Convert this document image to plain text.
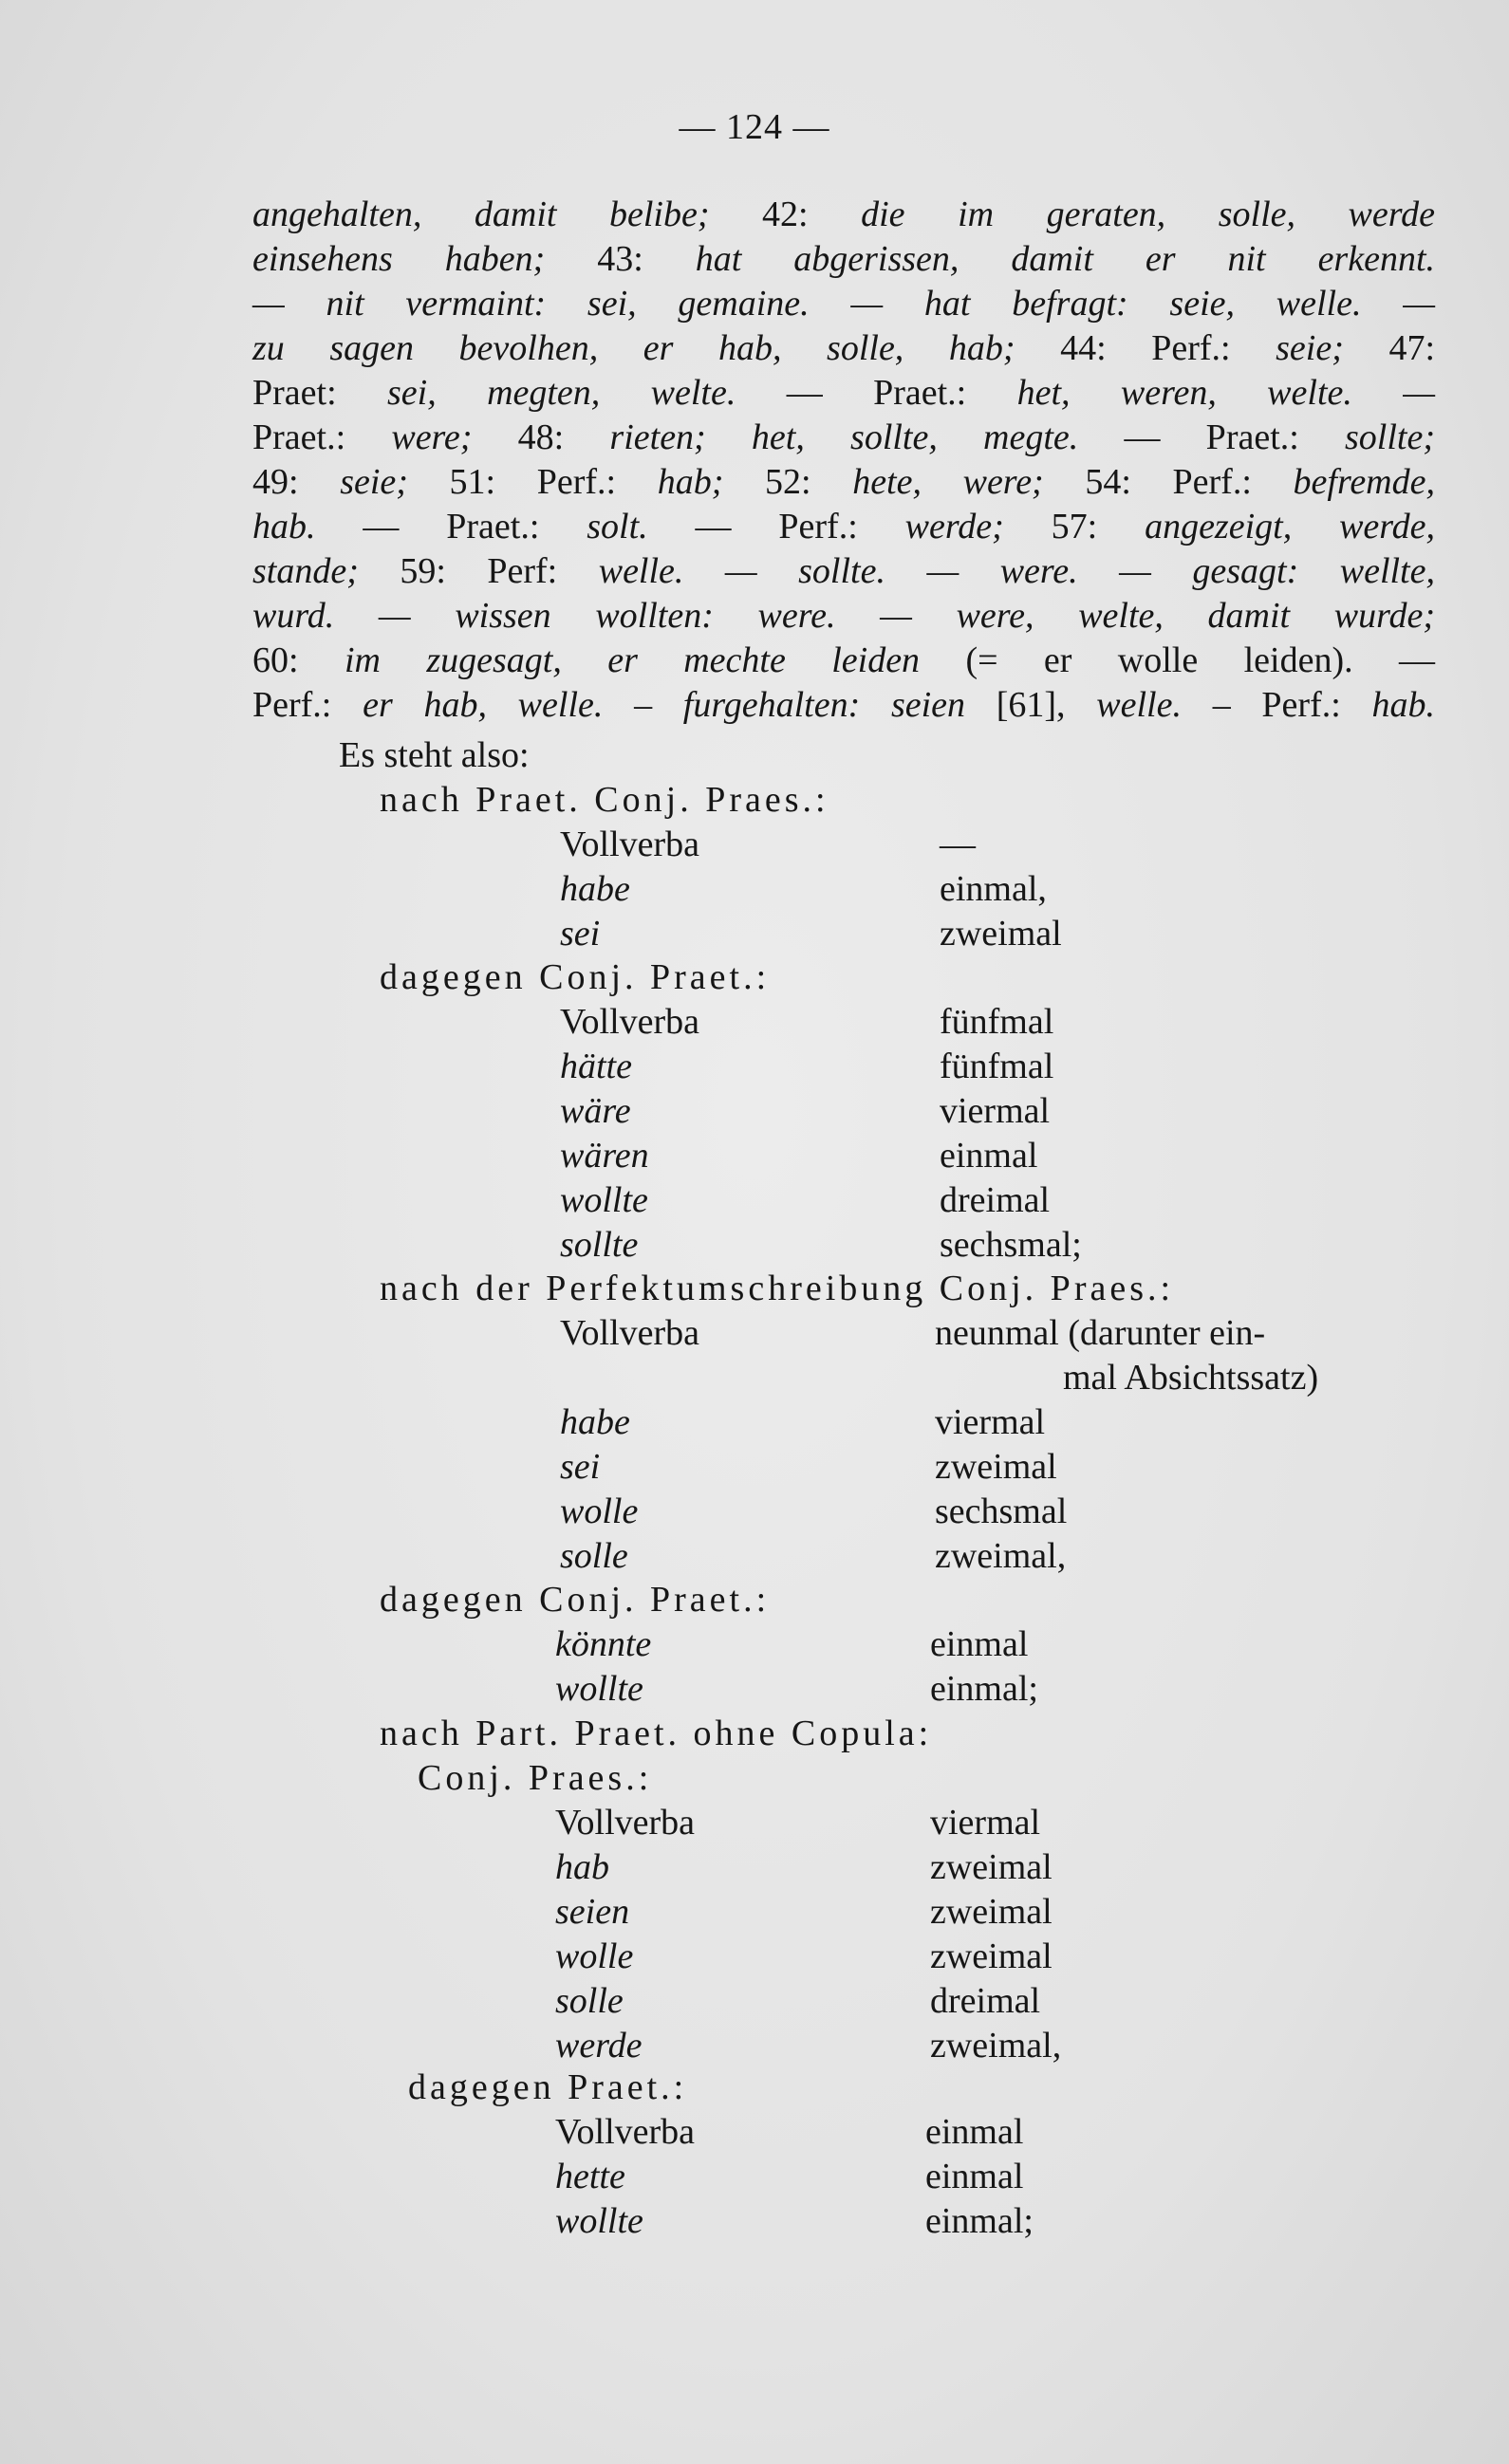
— 124 —
angehalten, damit belibe; 42: die im geraten, solle, werde
einsehens haben; 43: hat abgerissen, damit er nit erkennt.
— nit vermaint: sei, gemaine. — hat befragt: seie, welle. —
zu sagen bevolhen, er hab, solle, hab; 44: Perf.: seie; 47:
Praet: sei, megten, welte. — Praet.: het, weren, welte. —
Praet.: were; 48: rieten; het, sollte, megte. — Praet.: sollte;
49: seie; 51: Perf.: hab; 52: hete, were; 54: Perf.: befremde,
hab. — Praet.: solt. — Perf.: werde; 57: angezeigt, werde,
stande; 59: Perf: welle. — sollte. — were. — gesagt: wellte,
wurd. — wissen wollten: were. — were, welte, damit wurde;
60: im zugesagt, er mechte leiden (= er wolle leiden). —
Perf.: er hab, welle. – furgehalten: seien [61], welle. – Perf.: hab.
Es steht also:
nach Praet. Conj. Praes.:
Vollverba	—
habe	einmal,
sei	zweimal
dagegen Conj. Praet.:
Vollverba	fünfmal
hätte	fünfmal
wäre	viermal
wären	einmal
wollte	dreimal
sollte	sechsmal;
nach der Perfektumschreibung Conj. Praes.:
Vollverba	neunmal (darunter ein-
mal Absichtssatz)
habe	viermal
sei	zweimal
wolle	sechsmal
solle	zweimal,
dagegen Conj. Praet.:
könnte	einmal
wollte	einmal;
nach Part. Praet. ohne Copula:
Conj. Praes.:
Vollverba	viermal
hab	zweimal
seien	zweimal
wolle	zweimal
solle	dreimal
werde	zweimal,
dagegen Praet.:
Vollverba	einmal
hette	einmal
wollte	einmal;
